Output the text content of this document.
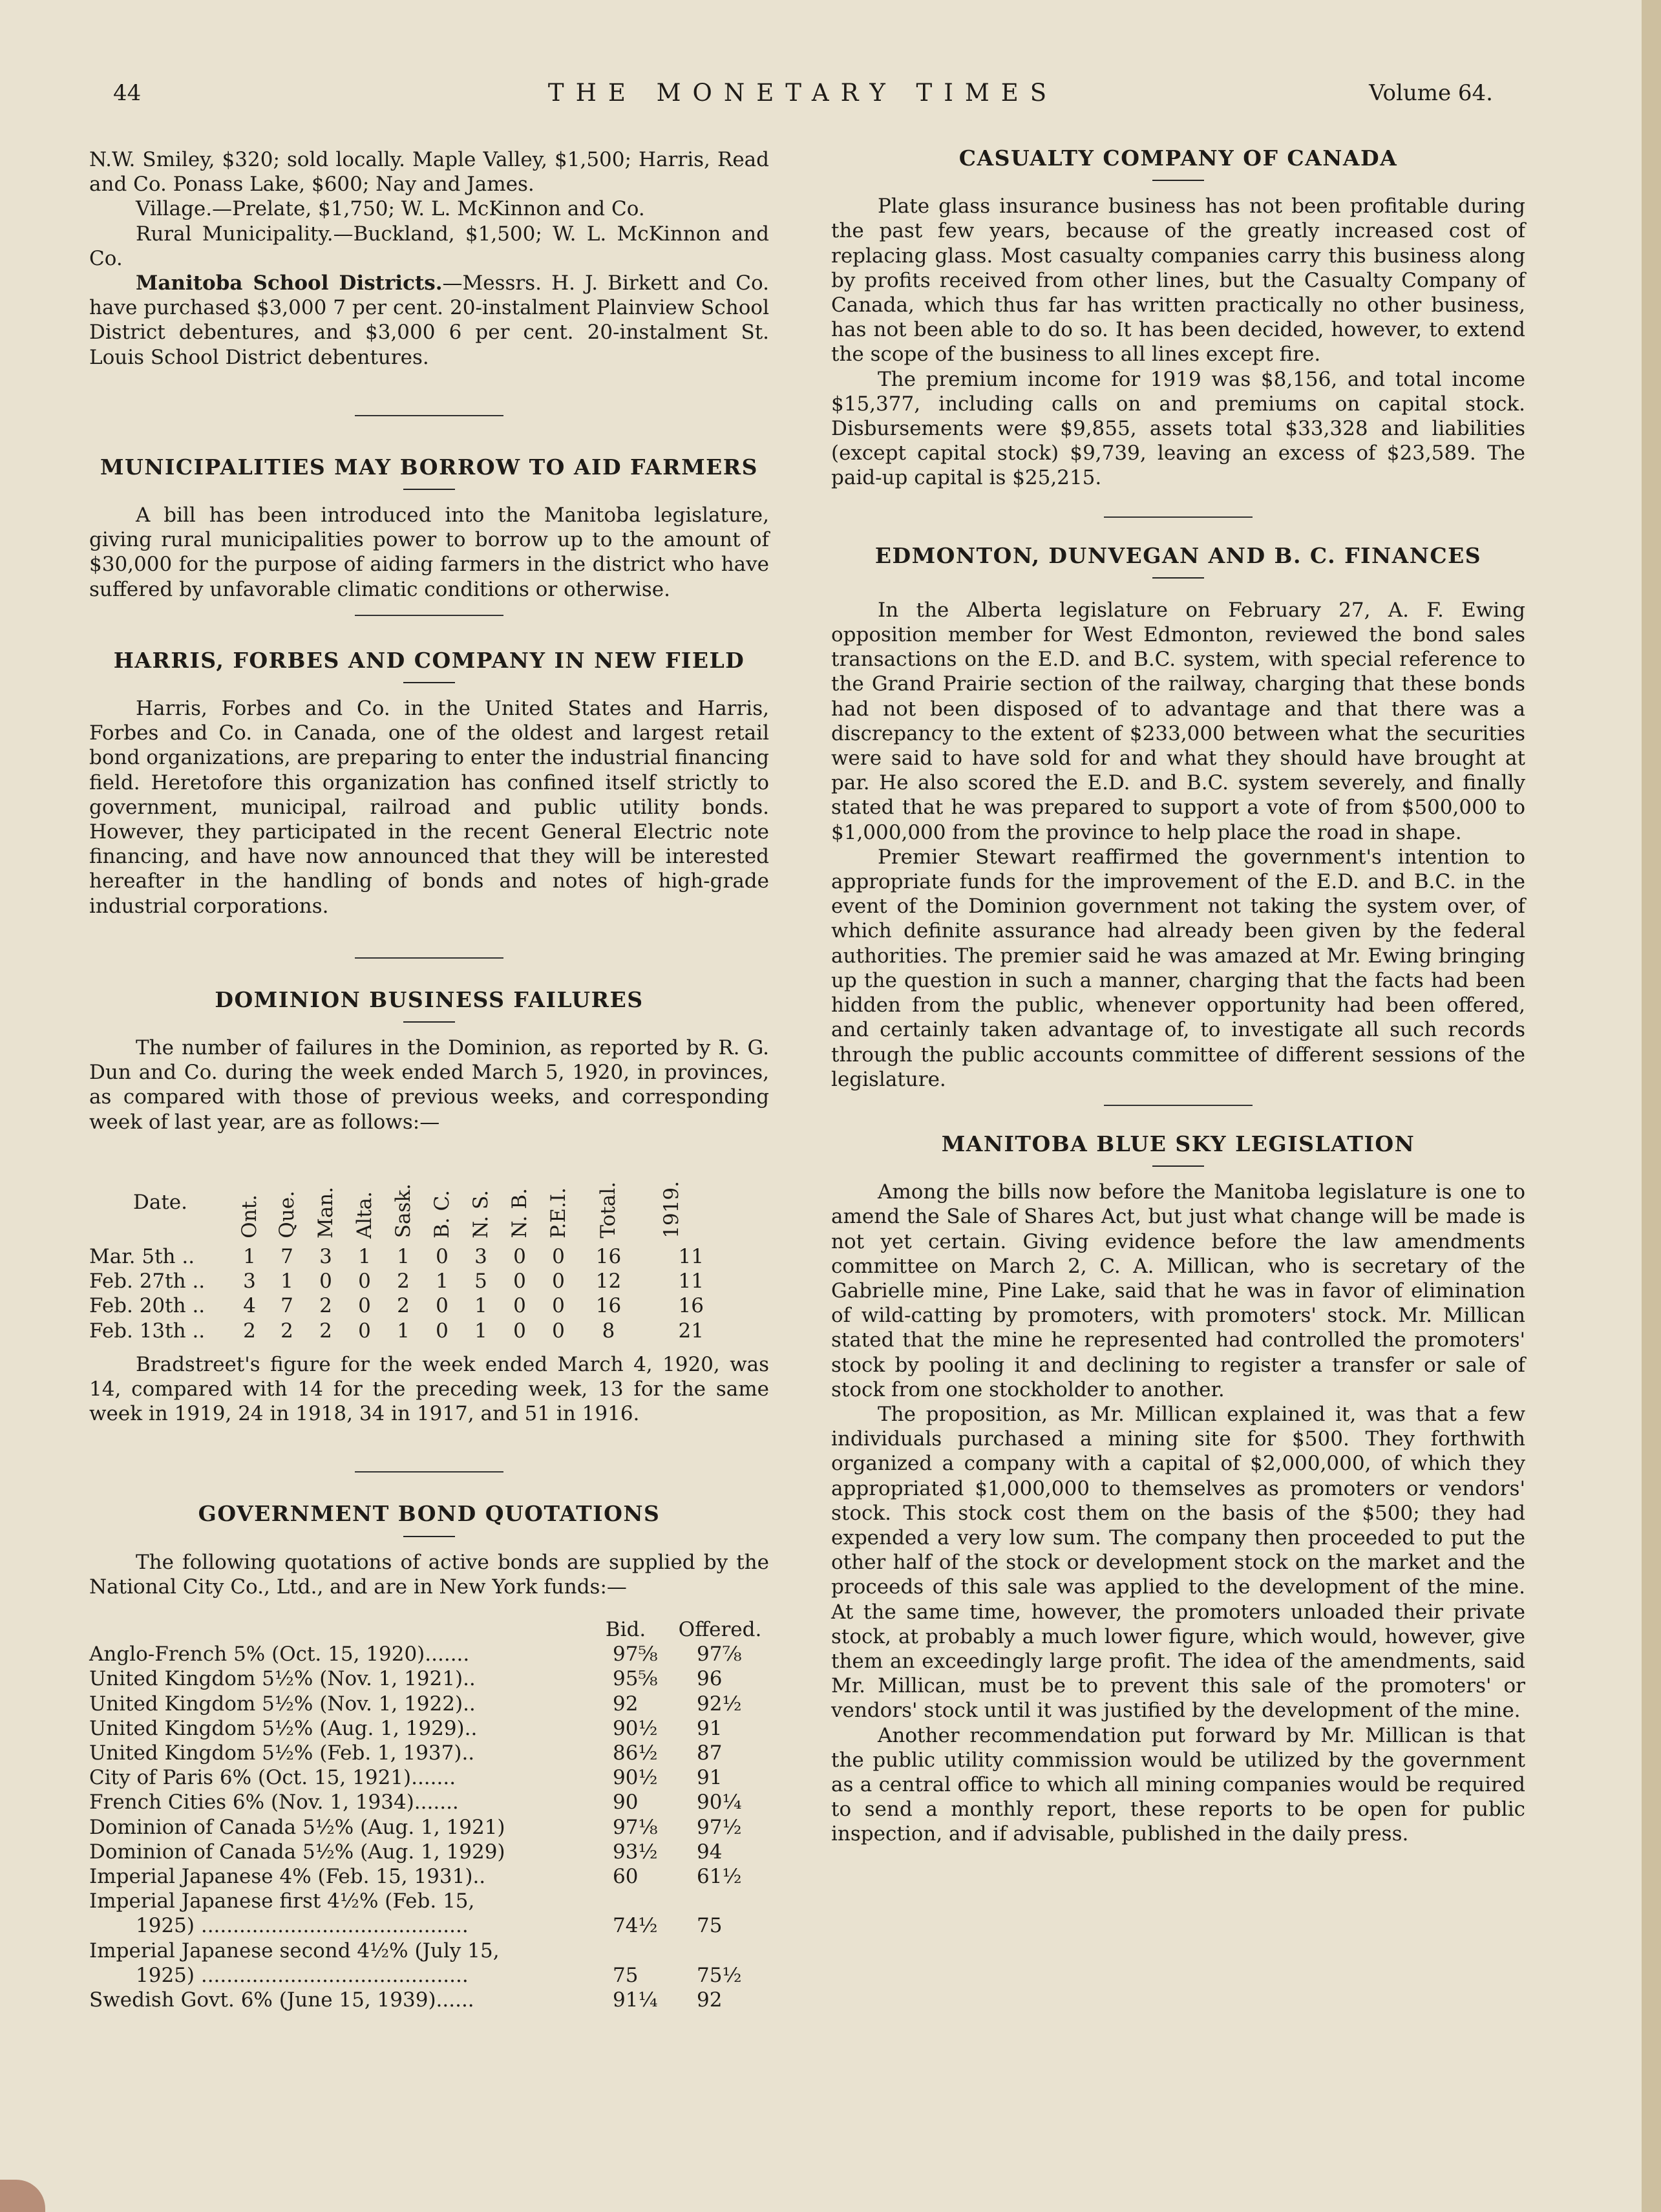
44	THE MONETARY TIMES	Volume 64.

N.W. Smiley, $320; sold locally. Maple Valley, $1,500; Harris, Read and Co. Ponass Lake, $600; Nay and James.

Village.—Prelate, $1,750; W. L. McKinnon and Co.

Rural Municipality.—Buckland, $1,500; W. L. McKinnon and Co.

Manitoba School Districts.—Messrs. H. J. Birkett and Co. have purchased $3,000 7 per cent. 20-instalment Plainview School District debentures, and $3,000 6 per cent. 20-instalment St. Louis School District debentures.

MUNICIPALITIES MAY BORROW TO AID FARMERS

A bill has been introduced into the Manitoba legislature, giving rural municipalities power to borrow up to the amount of $30,000 for the purpose of aiding farmers in the district who have suffered by unfavorable climatic conditions or otherwise.

HARRIS, FORBES AND COMPANY IN NEW FIELD

Harris, Forbes and Co. in the United States and Harris, Forbes and Co. in Canada, one of the oldest and largest retail bond organizations, are preparing to enter the industrial financing field. Heretofore this organization has confined itself strictly to government, municipal, railroad and public utility bonds. However, they participated in the recent General Electric note financing, and have now announced that they will be interested hereafter in the handling of bonds and notes of high-grade industrial corporations.

DOMINION BUSINESS FAILURES

The number of failures in the Dominion, as reported by R. G. Dun and Co. during the week ended March 5, 1920, in provinces, as compared with those of previous weeks, and corresponding week of last year, are as follows:—

Date.	Ont.	Que.	Man.	Alta.	Sask.	B. C.	N. S.	N. B.	P.E.I.	Total.	1919.
Mar. 5th ..	1	7	3	1	1	0	3	0	0	16	11
Feb. 27th ..	3	1	0	0	2	1	5	0	0	12	11
Feb. 20th ..	4	7	2	0	2	0	1	0	0	16	16
Feb. 13th ..	2	2	2	0	1	0	1	0	0	8	21

Bradstreet's figure for the week ended March 4, 1920, was 14, compared with 14 for the preceding week, 13 for the same week in 1919, 24 in 1918, 34 in 1917, and 51 in 1916.

GOVERNMENT BOND QUOTATIONS

The following quotations of active bonds are supplied by the National City Co., Ltd., and are in New York funds:—

	Bid.	Offered.
Anglo-French 5% (Oct. 15, 1920).......	97⅝	97⅞
United Kingdom 5½% (Nov. 1, 1921)..	95⅝	96
United Kingdom 5½% (Nov. 1, 1922)..	92	92½
United Kingdom 5½% (Aug. 1, 1929)..	90½	91
United Kingdom 5½% (Feb. 1, 1937)..	86½	87
City of Paris 6% (Oct. 15, 1921).......	90½	91
French Cities 6% (Nov. 1, 1934).......	90	90¼
Dominion of Canada 5½% (Aug. 1, 1921)	97⅛	97½
Dominion of Canada 5½% (Aug. 1, 1929)	93½	94
Imperial Japanese 4% (Feb. 15, 1931)..	60	61½

Imperial Japanese first 4½% (Feb. 15,
1925) ..........................................	74½	75

Imperial Japanese second 4½% (July 15,
1925) ..........................................	75	75½
Swedish Govt. 6% (June 15, 1939)......	91¼	92
CASUALTY COMPANY OF CANADA

Plate glass insurance business has not been profitable during the past few years, because of the greatly increased cost of replacing glass. Most casualty companies carry this business along by profits received from other lines, but the Casualty Company of Canada, which thus far has written practically no other business, has not been able to do so. It has been decided, however, to extend the scope of the business to all lines except fire.

The premium income for 1919 was $8,156, and total income $15,377, including calls on and premiums on capital stock. Disbursements were $9,855, assets total $33,328 and liabilities (except capital stock) $9,739, leaving an excess of $23,589. The paid-up capital is $25,215.

EDMONTON, DUNVEGAN AND B. C. FINANCES

In the Alberta legislature on February 27, A. F. Ewing opposition member for West Edmonton, reviewed the bond sales transactions on the E.D. and B.C. system, with special reference to the Grand Prairie section of the railway, charging that these bonds had not been disposed of to advantage and that there was a discrepancy to the extent of $233,000 between what the securities were said to have sold for and what they should have brought at par. He also scored the E.D. and B.C. system severely, and finally stated that he was prepared to support a vote of from $500,000 to $1,000,000 from the province to help place the road in shape.

Premier Stewart reaffirmed the government's intention to appropriate funds for the improvement of the E.D. and B.C. in the event of the Dominion government not taking the system over, of which definite assurance had already been given by the federal authorities. The premier said he was amazed at Mr. Ewing bringing up the question in such a manner, charging that the facts had been hidden from the public, whenever opportunity had been offered, and certainly taken advantage of, to investigate all such records through the public accounts committee of different sessions of the legislature.

MANITOBA BLUE SKY LEGISLATION

Among the bills now before the Manitoba legislature is one to amend the Sale of Shares Act, but just what change will be made is not yet certain. Giving evidence before the law amendments committee on March 2, C. A. Millican, who is secretary of the Gabrielle mine, Pine Lake, said that he was in favor of elimination of wild-catting by promoters, with promoters' stock. Mr. Millican stated that the mine he represented had controlled the promoters' stock by pooling it and declining to register a transfer or sale of stock from one stockholder to another.

The proposition, as Mr. Millican explained it, was that a few individuals purchased a mining site for $500. They forthwith organized a company with a capital of $2,000,000, of which they appropriated $1,000,000 to themselves as promoters or vendors' stock. This stock cost them on the basis of the $500; they had expended a very low sum. The company then proceeded to put the other half of the stock or development stock on the market and the proceeds of this sale was applied to the development of the mine. At the same time, however, the promoters unloaded their private stock, at probably a much lower figure, which would, however, give them an exceedingly large profit. The idea of the amendments, said Mr. Millican, must be to prevent this sale of the promoters' or vendors' stock until it was justified by the development of the mine.

Another recommendation put forward by Mr. Millican is that the public utility commission would be utilized by the government as a central office to which all mining companies would be required to send a monthly report, these reports to be open for public inspection, and if advisable, published in the daily press.
